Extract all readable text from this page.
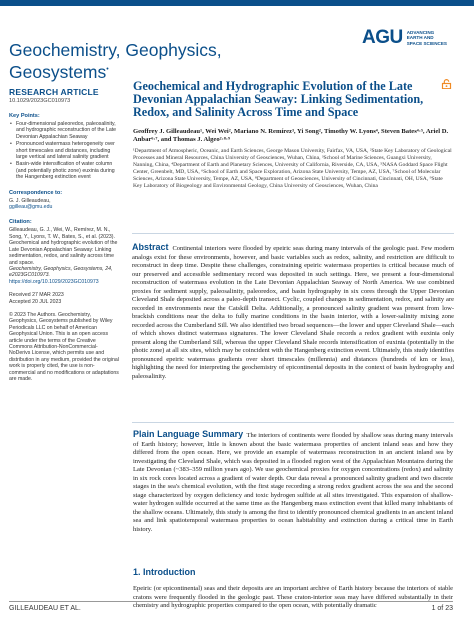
AGU ADVANCING
EARTH AND
SPACE SCIENCES
Geochemistry, Geophysics, Geosystems•
RESEARCH ARTICLE
10.1029/2023GC010973
Key Points:
• Four-dimensional paleoredox, paleosalinity, and hydrographic reconstruction of the Late Devonian Appalachian Seaway
• Pronounced watermass heterogeneity over short timescales and distances, including large vertical and lateral salinity gradient
• Basin-wide intensification of water column (and potentially photic zone) euxinia during the Hangenberg extinction event
Correspondence to:
G. J. Gilleaudeau,
ggilleau@gmu.edu
Citation:
Gilleaudeau, G. J., Wei, W., Remírez, M. N., Song, Y., Lyons, T. W., Bates, S., et al. (2023). Geochemical and hydrographic evolution of the Late Devonian Appalachian Seaway: Linking sedimentation, redox, and salinity across time and space.
Geochemistry, Geophysics, Geosystems, 24, e2023GC010973.
https://doi.org/10.1029/2023GC010973
Received 27 MAR 2023
Accepted 20 JUL 2023
© 2023 The Authors. Geochemistry, Geophysics, Geosystems published by Wiley Periodicals LLC on behalf of American Geophysical Union. This is an open access article under the terms of the Creative Commons Attribution-NonCommercial-NoDerivs License, which permits use and distribution in any medium, provided the original work is properly cited, the use is non-commercial and no modifications or adaptations are made.
Geochemical and Hydrographic Evolution of the Late Devonian Appalachian Seaway: Linking Sedimentation, Redox, and Salinity Across Time and Space
Geoffrey J. Gilleaudeau¹, Wei Wei², Mariano N. Remírez³, Yi Song², Timothy W. Lyons⁴, Steven Bates⁴·⁵, Ariel D. Anbar⁶·⁷, and Thomas J. Algeo²·⁸·⁹
¹Department of Atmospheric, Oceanic, and Earth Sciences, George Mason University, Fairfax, VA, USA, ²State Key Laboratory of Geological Processes and Mineral Resources, China University of Geosciences, Wuhan, China, ³School of Marine Sciences, Guangxi University, Nanning, China, ⁴Department of Earth and Planetary Sciences, University of California, Riverside, CA, USA, ⁵NASA Goddard Space Flight Center, Greenbelt, MD, USA, ⁶School of Earth and Space Exploration, Arizona State University, Tempe, AZ, USA, ⁷School of Molecular Sciences, Arizona State University, Tempe, AZ, USA, ⁸Department of Geosciences, University of Cincinnati, Cincinnati, OH, USA, ⁹State Key Laboratory of Biogeology and Environmental Geology, China University of Geosciences, Wuhan, China

Abstract Continental interiors were flooded by epeiric seas during many intervals of the geologic past. Few modern analogs exist for these environments, however, and basic variables such as redox, salinity, and restriction are difficult to reconstruct in deep time. Despite these challenges, constraining epeiric watermass properties is critical because much of our preserved and accessible sedimentary record was deposited in such settings. Here, we present a four-dimensional reconstruction of watermass evolution in the Late Devonian Appalachian Seaway of North America. We use combined proxies for sediment supply, paleosalinity, paleoredox, and basin hydrography in six cores through the Upper Devonian Cleveland Shale deposited across a paleo-depth transect. Cyclic, coupled changes in sedimentation, redox, and salinity are recorded in environments near the Catskill Delta. Additionally, a pronounced salinity gradient was present from low-brackish conditions near the delta to fully marine conditions in the basin interior, with a lower-salinity mixing zone recorded across the Cumberland Sill. We also identified two broad sequences—the lower and upper Cleveland Shale—each of which shows distinct watermass signatures. The lower Cleveland Shale records a redox gradient with euxinia only present along the Cumberland Sill, whereas the upper Cleveland Shale records intensification of euxinia (potentially in the photic zone) at all six sites, which may be coincident with the Hangenberg extinction event. Ultimately, this study identifies pronounced epeiric watermass gradients over short timescales (millennia) and distances (hundreds of km or less), highlighting the need for interpreting the geochemistry of epicontinental deposits in the context of basin hydrography and paleosalinity.

Plain Language Summary The interiors of continents were flooded by shallow seas during many intervals of Earth history; however, little is known about the basic watermass properties of ancient inland seas and how they differed from the open ocean. Here, we provide an example of watermass reconstruction in an ancient inland sea by investigating the Cleveland Shale, which was deposited in a flooded region west of the Appalachian Mountains during the Late Devonian (~383–359 million years ago). We use geochemical proxies for oxygen concentrations (redox) and salinity in six rock cores located across a gradient of water depth. Our data reveal a pronounced salinity gradient and two discrete stages in the sea's chemical evolution, with the first stage recording a strong redox gradient across the sea and the second stage characterized by oxygen deficiency and toxic hydrogen sulfide at all sites investigated. This expansion of shallow-water hydrogen sulfide occurred at the same time as the Hangenberg mass extinction event that killed many inhabitants of the shallow oceans. Ultimately, this study is among the first to identify pronounced chemical gradients in an ancient inland sea and link spatiotemporal watermass properties to ocean habitability and extinction during a critical time in Earth history.

1. Introduction

Epeiric (or epicontinental) seas and their deposits are an important archive of Earth history because the interiors of stable cratons were frequently flooded in the geologic past. These craton-interior seas may have differed substantially in their chemistry and hydrographic properties compared to the open ocean, with potentially dramatic

GILLEAUDEAU ET AL.	1 of 23
